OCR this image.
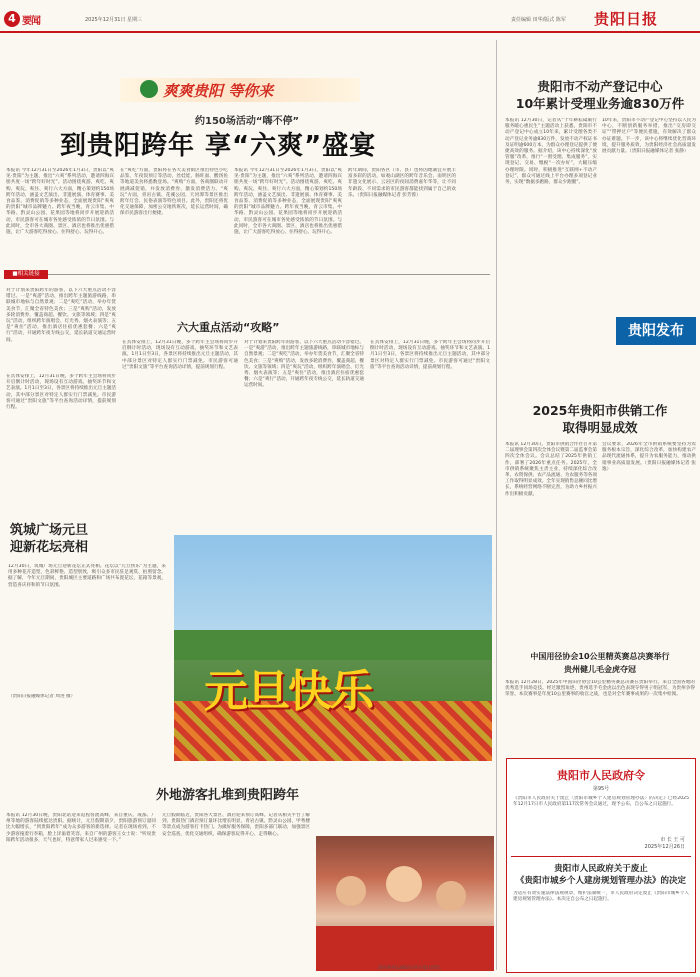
4 要闻	2025年12月31日 星期三	责任编辑 田华/版式 陈军 贵阳日报
爽爽贵阳 等你来
约150场活动“嗨不停”
到贵阳跨年 享“六爽”盛宴
本报讯 今年12月31日至2026年1月3日，贵阳以“爽见·贵阳”为主题，推出“六爽”系列活动，邀请四海宾朋共度一场“跨年好时光”。活动围绕爽游、爽吃、爽购、爽玩、爽住、爽行六大方面，精心策划约150场跨年活动，涵盖文艺演出、非遗展演、体育赛事、美食品鉴、消费促销等多种业态，全面展现贵阳“爽爽的贵阳”城市品牌魅力。跨年夜当晚，青云市集、中华路、黔灵山公园、花果园等地将同步开展迎新活动，市民游客可在城市各处感受浓浓的节日氛围。与此同时，全市各大商圈、景区、酒店也将推出优惠措施，让广大游客吃得放心、住得舒心、玩得开心。
在“爽吃”方面，贵阳将在各大美食街区推出特色小吃品鉴、年夜饭预订等活动，丝娃娃、肠旺面、酸汤鱼等地道美食将悉数登场。“爽购”方面，各商圈联动开展满减促销，并发放消费券，激发消费活力。“爽玩”方面，青岩古镇、花溪公园、天河潭等景区推出跨年灯会、民俗表演等特色项目。此外，贵阳还将优化交通保障，加密公交地铁班次，延长运营时间，确保市民游客出行便捷。
本报讯 今年12月31日至2026年1月3日，贵阳以“爽见·贵阳”为主题，推出“六爽”系列活动，邀请四海宾朋共度一场“跨年好时光”。活动围绕爽游、爽吃、爽购、爽玩、爽住、爽行六大方面，精心策划约150场跨年活动，涵盖文艺演出、非遗展演、体育赛事、美食品鉴、消费促销等多种业态，全面展现贵阳“爽爽的贵阳”城市品牌魅力。跨年夜当晚，青云市集、中华路、黔灵山公园、花果园等地将同步开展迎新活动，市民游客可在城市各处感受浓浓的节日氛围。与此同时，全市各大商圈、景区、酒店也将推出优惠措施，让广大游客吃得放心、住得舒心、玩得开心。
跨年期间，贵阳各区（市、县）也将因地制宜开展丰富多彩的活动，如观山湖区的跨年音乐会、南明区的非遗文化展示、云岩区的夜间消费嘉年华等，让不同年龄段、不同需求的市民游客都能找到属于自己的欢乐。（贵阳日报融媒体记者 彭芳蓉）
■相关链接
六大重点活动“攻略”
对于计划来贵阳跨年的游客，以下六大重点活动不容错过。一是“爽游”活动，推出跨年主题旅游线路，串联城市地标与自然景观；二是“爽吃”活动，举办年货美食节，汇聚全省特色美食；三是“爽购”活动，发放多轮消费券，覆盖商超、餐饮、文旅等领域；四是“爽玩”活动，组织跨年演唱会、灯光秀、烟火表演等；五是“爽住”活动，推出酒店住宿优惠套餐；六是“爽行”活动，开通跨年夜专线公交，延长轨道交通运营时间。	在具体安排上，12月31日晚，多个跨年主会场将同步开启倒计时活动，现场设有互动游戏、抽奖环节和文艺表演。1月1日至3日，各景区将持续推出元旦主题活动，其中部分景区对特定人群实行门票减免。市民游客可通过“贵阳文旅”等平台查询活动详情，提前规划行程。
对于计划来贵阳跨年的游客，以下六大重点活动不容错过。一是“爽游”活动，推出跨年主题旅游线路，串联城市地标与自然景观；二是“爽吃”活动，举办年货美食节，汇聚全省特色美食；三是“爽购”活动，发放多轮消费券，覆盖商超、餐饮、文旅等领域；四是“爽玩”活动，组织跨年演唱会、灯光秀、烟火表演等；五是“爽住”活动，推出酒店住宿优惠套餐；六是“爽行”活动，开通跨年夜专线公交，延长轨道交通运营时间。
在具体安排上，12月31日晚，多个跨年主会场将同步开启倒计时活动，现场设有互动游戏、抽奖环节和文艺表演。1月1日至3日，各景区将持续推出元旦主题活动，其中部分景区对特定人群实行门票减免。市民游客可通过“贵阳文旅”等平台查询活动详情，提前规划行程。
在具体安排上，12月31日晚，多个跨年主会场将同步开启倒计时活动，现场设有互动游戏、抽奖环节和文艺表演。1月1日至3日，各景区将持续推出元旦主题活动，其中部分景区对特定人群实行门票减免。市民游客可通过“贵阳文旅”等平台查询活动详情，提前规划行程。
筑城广场元旦
迎新花坛亮相
12月30日，筑城广场元旦迎新花坛正式亮相。花坛以“元旦快乐”为主题，采用多种花卉造型，色彩鲜艳、造型别致，吸引众多市民驻足观赏、拍照留念。据了解，今年元旦期间，贵阳城区主要道路和广场共布置花坛、花箱等景观，营造喜庆祥和的节日氛围。
（贵阳日报融媒体记者 周进 摄）	元旦快乐
外地游客扎堆到贵阳跨年
本报讯 12月30日晚，贵阳北站迎来返程客流高峰，来自重庆、成都、广州等地的游客陆续抵达贵阳。据统计，元旦假期前夕，贵阳旅游预订量同比大幅增长，“到贵阳跨年”成为众多游客的新选择。记者在现场看到，不少游客拖着行李箱，脸上洋溢着笑容。来自广州的游客王女士说：“听说贵阳跨年活动很多，天气也好，特意带家人过来感受一下。”
元旦假期临近，贵阳各大景区、酒店迎来预订高峰。记者从相关平台了解到，贵阳热门酒店预订量环比增长明显，青岩古镇、黔灵山公园、甲秀楼等景点成为游客打卡热门。为做好服务保障，贵阳多部门联动，加强景区安全巡查，优化交通组织，确保游客玩得开心、走得顺心。
游客乘坐G2892次列车抵达贵阳。
贵阳市不动产登记中心
10年累计受理业务逾830万件
本报讯 12月30日，记者从“十年耕耘砥砺行 服务暖心惠民生”主题活动上获悉，贵阳市不动产登记中心成立10年来，累计受理各类不动产登记业务逾830万件，发放不动产权证书及证明逾600万本，为群众办理登记提供了便捷高效的服务。据介绍，该中心持续深化“放管服”改革，推行“一窗受理、集成服务”，实现登记、交易、缴税“一次办好”，大幅压缩办理时限。同时，积极推进“互联网+不动产登记”，群众可通过线上平台办理多项登记业务，实现“数据多跑路，群众少跑腿”。
10年来，贵阳市不动产登记中心坚持以人民为中心，不断创新服务举措，推出“交房即交证”“带押过户”等便民措施，有效解决了群众办证难题。下一步，该中心将继续优化营商环境，提升服务质效，为贵阳经济社会高质量发展贡献力量。（贵阳日报融媒体记者 张静）
贵阳发布
2025年贵阳市供销工作
取得明显成效
本报讯 12月30日，贵阳市供销合作社召开第二届理事会第四次全体会议暨第二届监事会第四次全体会议。会议总结了2025年供销工作，部署了2026年重点任务。2025年，全市供销系统聚焦主责主业，持续深化综合改革，农资保供、农产品流通、为农服务等各项工作取得明显成效。全年实现销售总额同比增长，系统经营网络不断完善，为助力乡村振兴作出积极贡献。
会议要求，2026年全市供销系统要坚持为农服务根本宗旨，深化综合改革，加快构建农产品现代流通体系，提升为农服务能力，推动供销事业高质量发展。（贵阳日报融媒体记者 张逸）
中国用径协会10公里精英赛总决赛举行
贵州健儿毛金虎夺冠
本报讯 12月28日，2025年中国田径协会10公里精英赛总决赛在贵阳举行。来自全国各地的优秀选手同场竞技。经过激烈角逐，贵州选手毛金虎以出色表现夺得男子组冠军，为贵州争得荣誉。本次赛事是年度10公里赛事的收官之战，也是对全年赛事成果的一次集中检阅。
贵阳市人民政府令
第95号
《贵阳市人民政府关于废止〈贵阳市城乡个人建房规划管理办法〉的决定》已经2025年12月17日市人民政府第117次常务会议通过，现予公布，自公布之日起施行。
市 长 王 可
2025年12月26日
贵阳市人民政府关于废止
《贵阳市城乡个人建房规划管理办法》的决定
为适应有效实施法律法规规章，维护法制统一，市人民政府决定废止《贵阳市城乡个人建房规划管理办法》。本决定自公布之日起施行。
